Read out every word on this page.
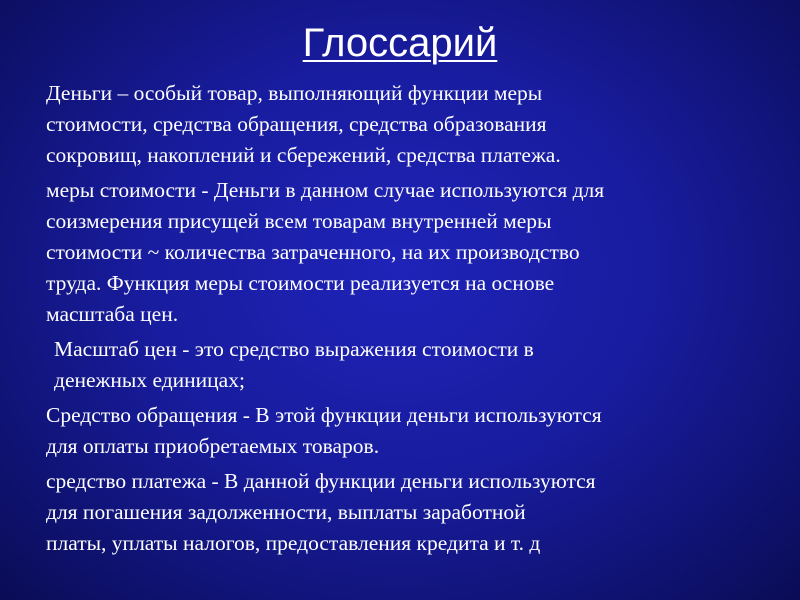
Глоссарий

Деньги – особый товар, выполняющий функции меры
стоимости, средства обращения, средства образования
сокровищ, накоплений и сбережений, средства платежа.

меры стоимости - Деньги в данном случае используются для
соизмерения присущей всем товарам внутренней меры
стоимости ~ количества затраченного, на их производство
труда. Функция меры стоимости реализуется на основе
масштаба цен.

Масштаб цен - это средство выражения стоимости в
денежных единицах;

Средство обращения - В этой функции деньги используются
для оплаты приобретаемых товаров.

средство платежа - В данной функции деньги используются
для погашения задолженности, выплаты заработной
платы, уплаты налогов, предоставления кредита и т. д
